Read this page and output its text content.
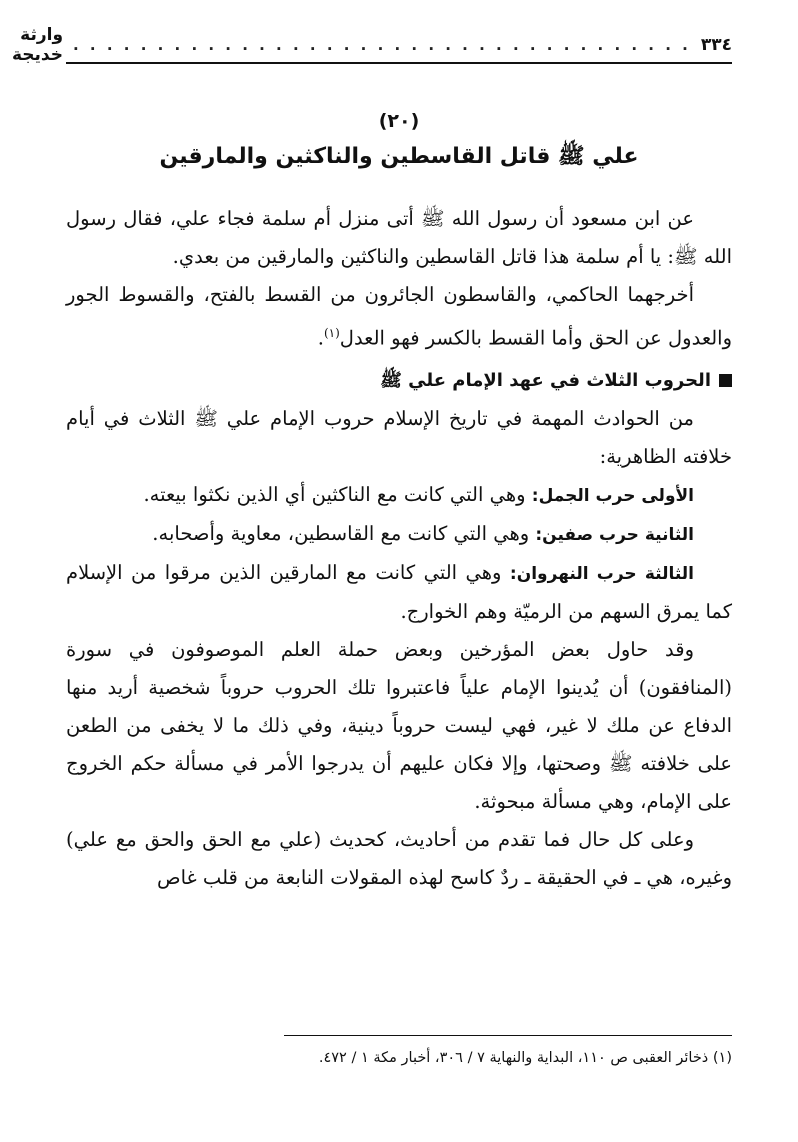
٣٣٤
. . . . . . . . . . . . . . . . . . . . . . . . . . . . . . . . . . . . .
وارثة خديجة
(٢٠)
علي ﷺ قاتل القاسطين والناكثين والمارقين

عن ابن مسعود أن رسول الله ﷺ أتى منزل أم سلمة فجاء علي، فقال رسول الله ﷺ: يا أم سلمة هذا قاتل القاسطين والناكثين والمارقين من بعدي.

أخرجهما الحاكمي، والقاسطون الجائرون من القسط بالفتح، والقسوط الجور والعدول عن الحق وأما القسط بالكسر فهو العدل$^{(١)}$.

الحروب الثلاث في عهد الإمام علي ﷺ

من الحوادث المهمة في تاريخ الإسلام حروب الإمام علي ﷺ الثلاث في أيام خلافته الظاهرية:

الأولى حرب الجمل: وهي التي كانت مع الناكثين أي الذين نكثوا بيعته.

الثانية حرب صفين: وهي التي كانت مع القاسطين، معاوية وأصحابه.

الثالثة حرب النهروان: وهي التي كانت مع المارقين الذين مرقوا من الإسلام كما يمرق السهم من الرميّة وهم الخوارج.

وقد حاول بعض المؤرخين وبعض حملة العلم الموصوفون في سورة (المنافقون) أن يُدينوا الإمام علياً فاعتبروا تلك الحروب حروباً شخصية أريد منها الدفاع عن ملك لا غير، فهي ليست حروباً دينية، وفي ذلك ما لا يخفى من الطعن على خلافته ﷺ وصحتها، وإلا فكان عليهم أن يدرجوا الأمر في مسألة حكم الخروج على الإمام، وهي مسألة مبحوثة.

وعلى كل حال فما تقدم من أحاديث، كحديث (علي مع الحق والحق مع علي) وغيره، هي ـ في الحقيقة ـ ردٌ كاسح لهذه المقولات النابعة من قلب غاص

(١) ذخائر العقبى ص ١١٠، البداية والنهاية ٧ / ٣٠٦، أخبار مكة ١ / ٤٧٢.
